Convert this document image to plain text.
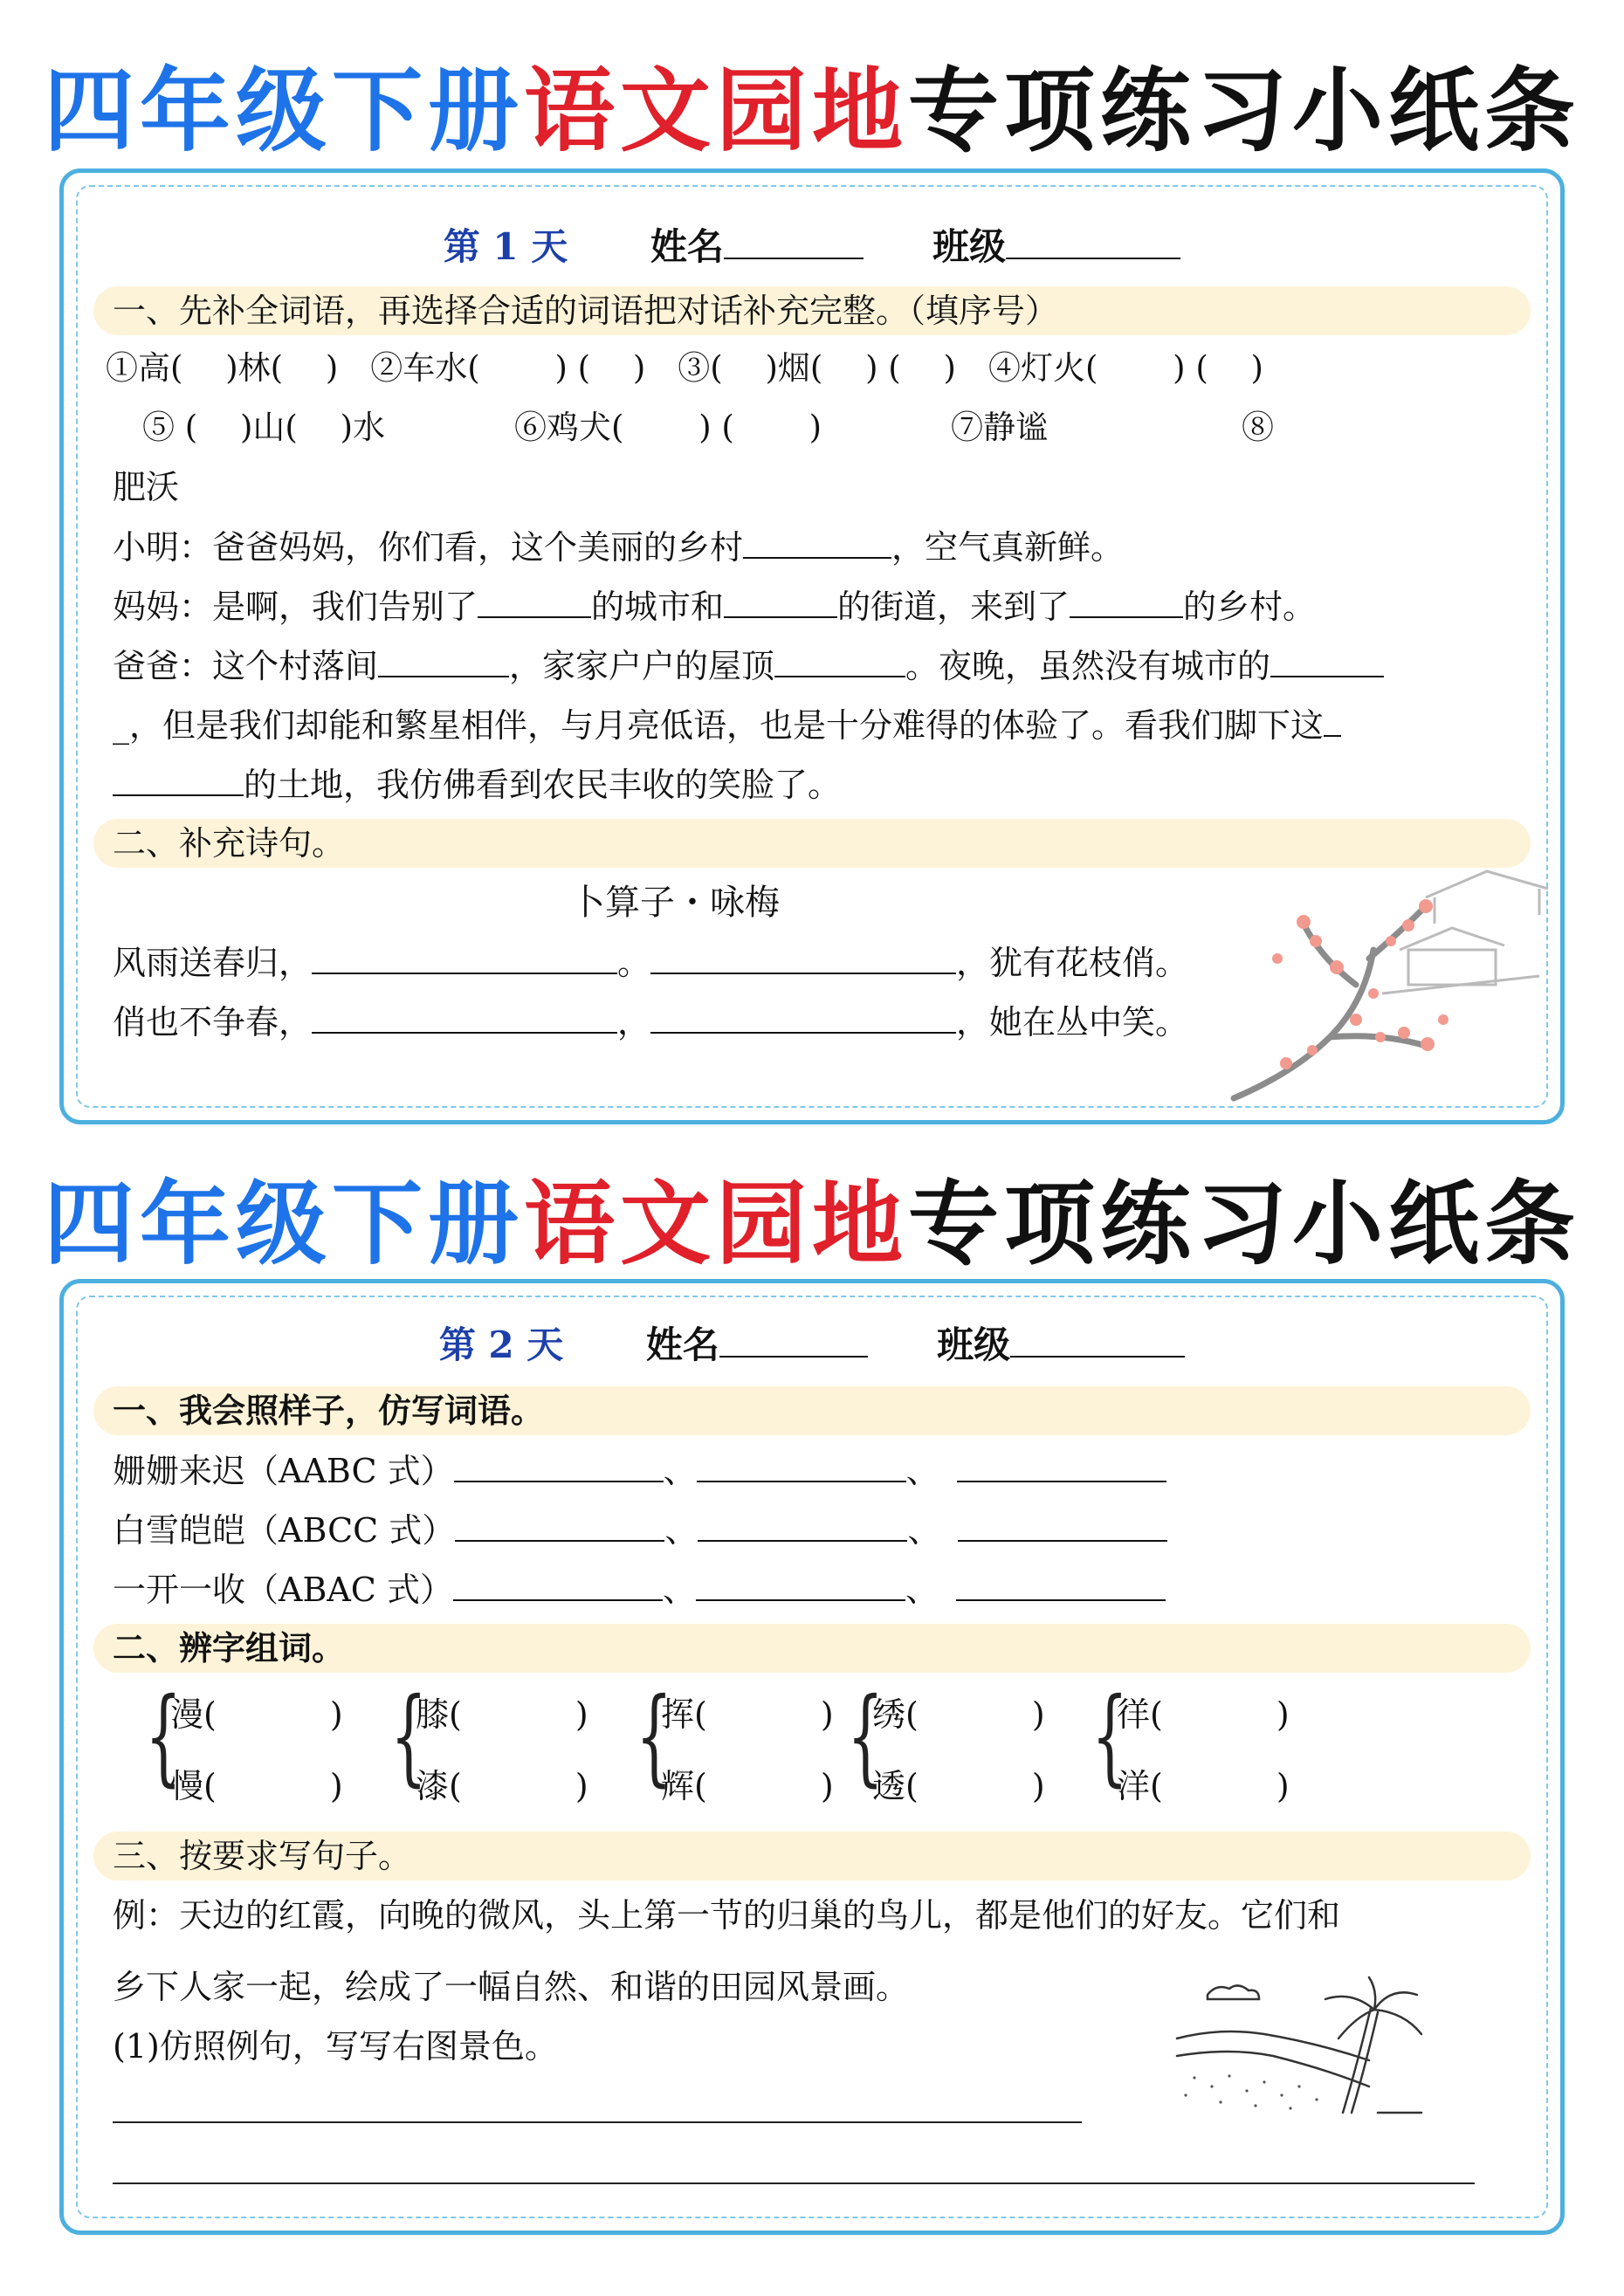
四年级下册语文园地专项练习小纸条
第 1 天 姓名	班级
一、先补全词语，再选择合适的词语把对话补充完整。（填序号）
①高(　 )林(　 )　②车水(　 　) (　 )　③(　 )烟(　 ) (　 )　④灯火(　 　) (　 )
⑤ (　 )山(　 )水　　　　⑥鸡犬(　 　) (　 　)　　　　⑦静谧　　　　　　⑧
肥沃
小明：爸爸妈妈，你们看，这个美丽的乡村	，空气真新鲜。
妈妈：是啊，我们告别了	的城市和	的街道，来到了	的乡村。
爸爸：这个村落间	，家家户户的屋顶	。夜晚，虽然没有城市的
_，但是我们却能和繁星相伴，与月亮低语，也是十分难得的体验了。看我们脚下这
的土地，我仿佛看到农民丰收的笑脸了。
二、补充诗句。
卜算子・咏梅
风雨送春归，	。	，犹有花枝俏。
俏也不争春，	，	，她在丛中笑。
四年级下册语文园地专项练习小纸条
第 2 天 姓名	班级
一、我会照样子，仿写词语。
姗姗来迟（AABC 式）	、	、
白雪皑皑（ABCC 式）	、	、
一开一收（ABAC 式）	、	、
二、辨字组词。
{
漫(	)
慢(	) {
膝(	)
漆(	) {
挥(	)
辉(	) {
绣(	)
透(	) {
徉(	)
洋(	)
三、按要求写句子。
例：天边的红霞，向晚的微风，头上第一节的归巢的鸟儿，都是他们的好友。它们和
乡下人家一起，绘成了一幅自然、和谐的田园风景画。
(1)仿照例句，写写右图景色。
